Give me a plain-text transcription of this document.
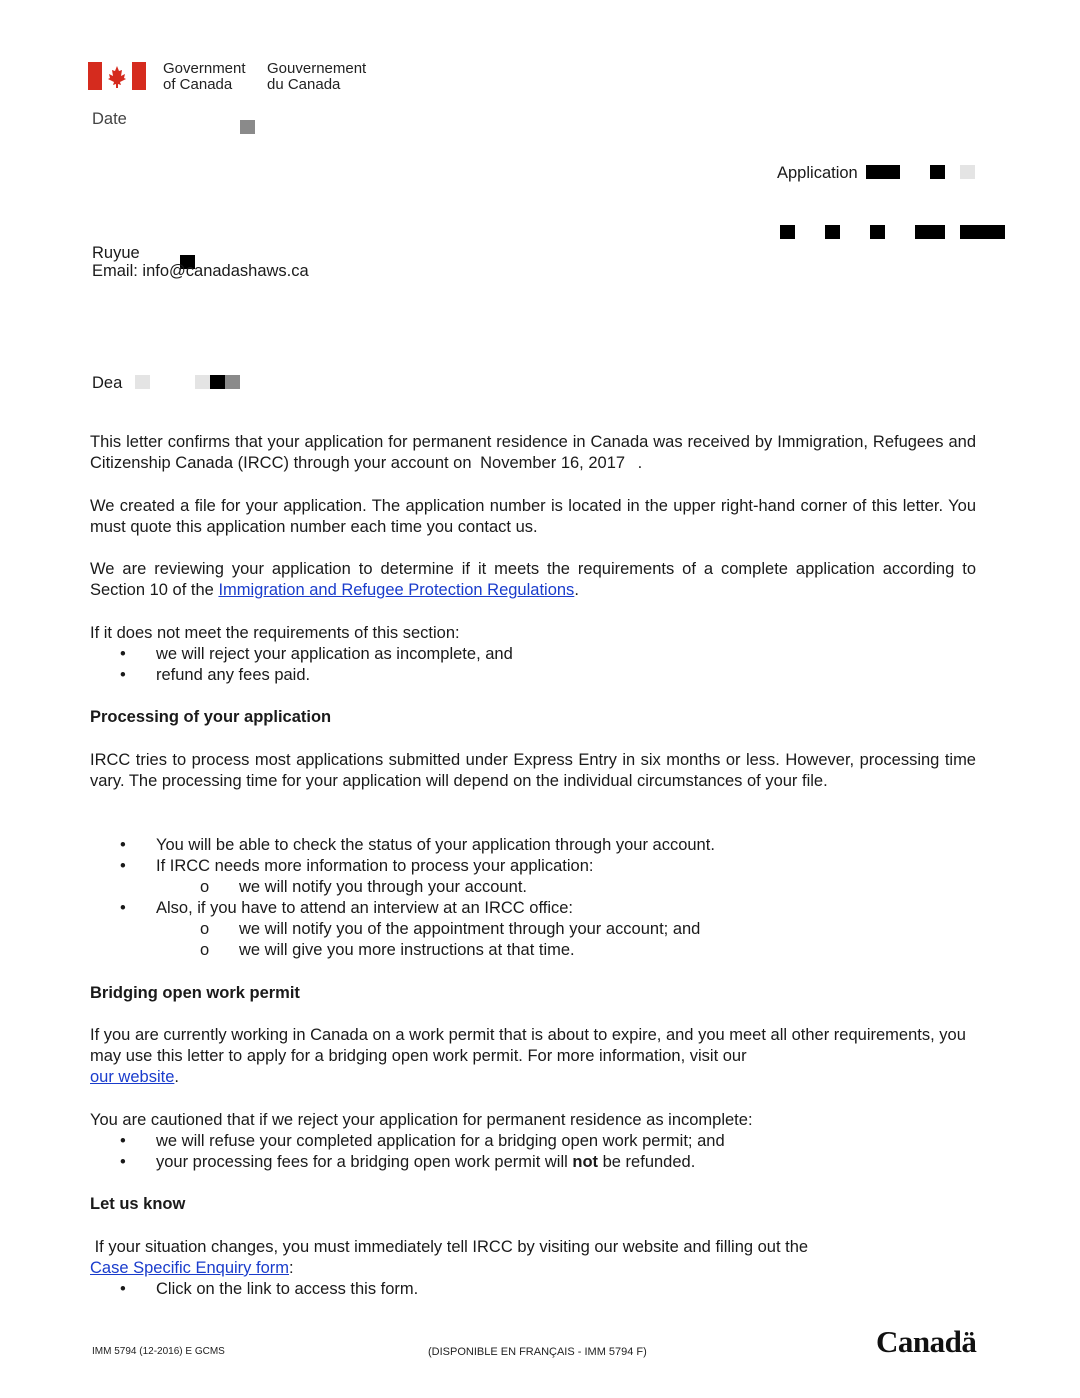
Government
of Canada
Gouvernement
du Canada
Date
Application
Ruyue
Email: info@canadashaws.ca
Dea
This letter confirms that your application for permanent residence in Canada was received by Immigration, Refugees and Citizenship Canada (IRCC) through your account on November 16, 2017 .
We created a file for your application. The application number is located in the upper right-hand corner of this letter. You must quote this application number each time you contact us.
We are reviewing your application to determine if it meets the requirements of a complete application according to Section 10 of the Immigration and Refugee Protection Regulations.
If it does not meet the requirements of this section:
• we will reject your application as incomplete, and
• refund any fees paid.
Processing of your application
IRCC tries to process most applications submitted under Express Entry in six months or less. However, processing time vary. The processing time for your application will depend on the individual circumstances of your file.
• You will be able to check the status of your application through your account.
• If IRCC needs more information to process your application:
o we will notify you through your account.
• Also, if you have to attend an interview at an IRCC office:
o we will notify you of the appointment through your account; and
o we will give you more instructions at that time.
Bridging open work permit
If you are currently working in Canada on a work permit that is about to expire, and you meet all other requirements, you may use this letter to apply for a bridging open work permit. For more information, visit our
our website.
You are cautioned that if we reject your application for permanent residence as incomplete:
• we will refuse your completed application for a bridging open work permit; and
• your processing fees for a bridging open work permit will not be refunded.
Let us know
If your situation changes, you must immediately tell IRCC by visiting our website and filling out the
Case Specific Enquiry form:
• Click on the link to access this form.
IMM 5794 (12-2016) E GCMS	(DISPONIBLE EN FRANÇAIS - IMM 5794 F)	Canadä
